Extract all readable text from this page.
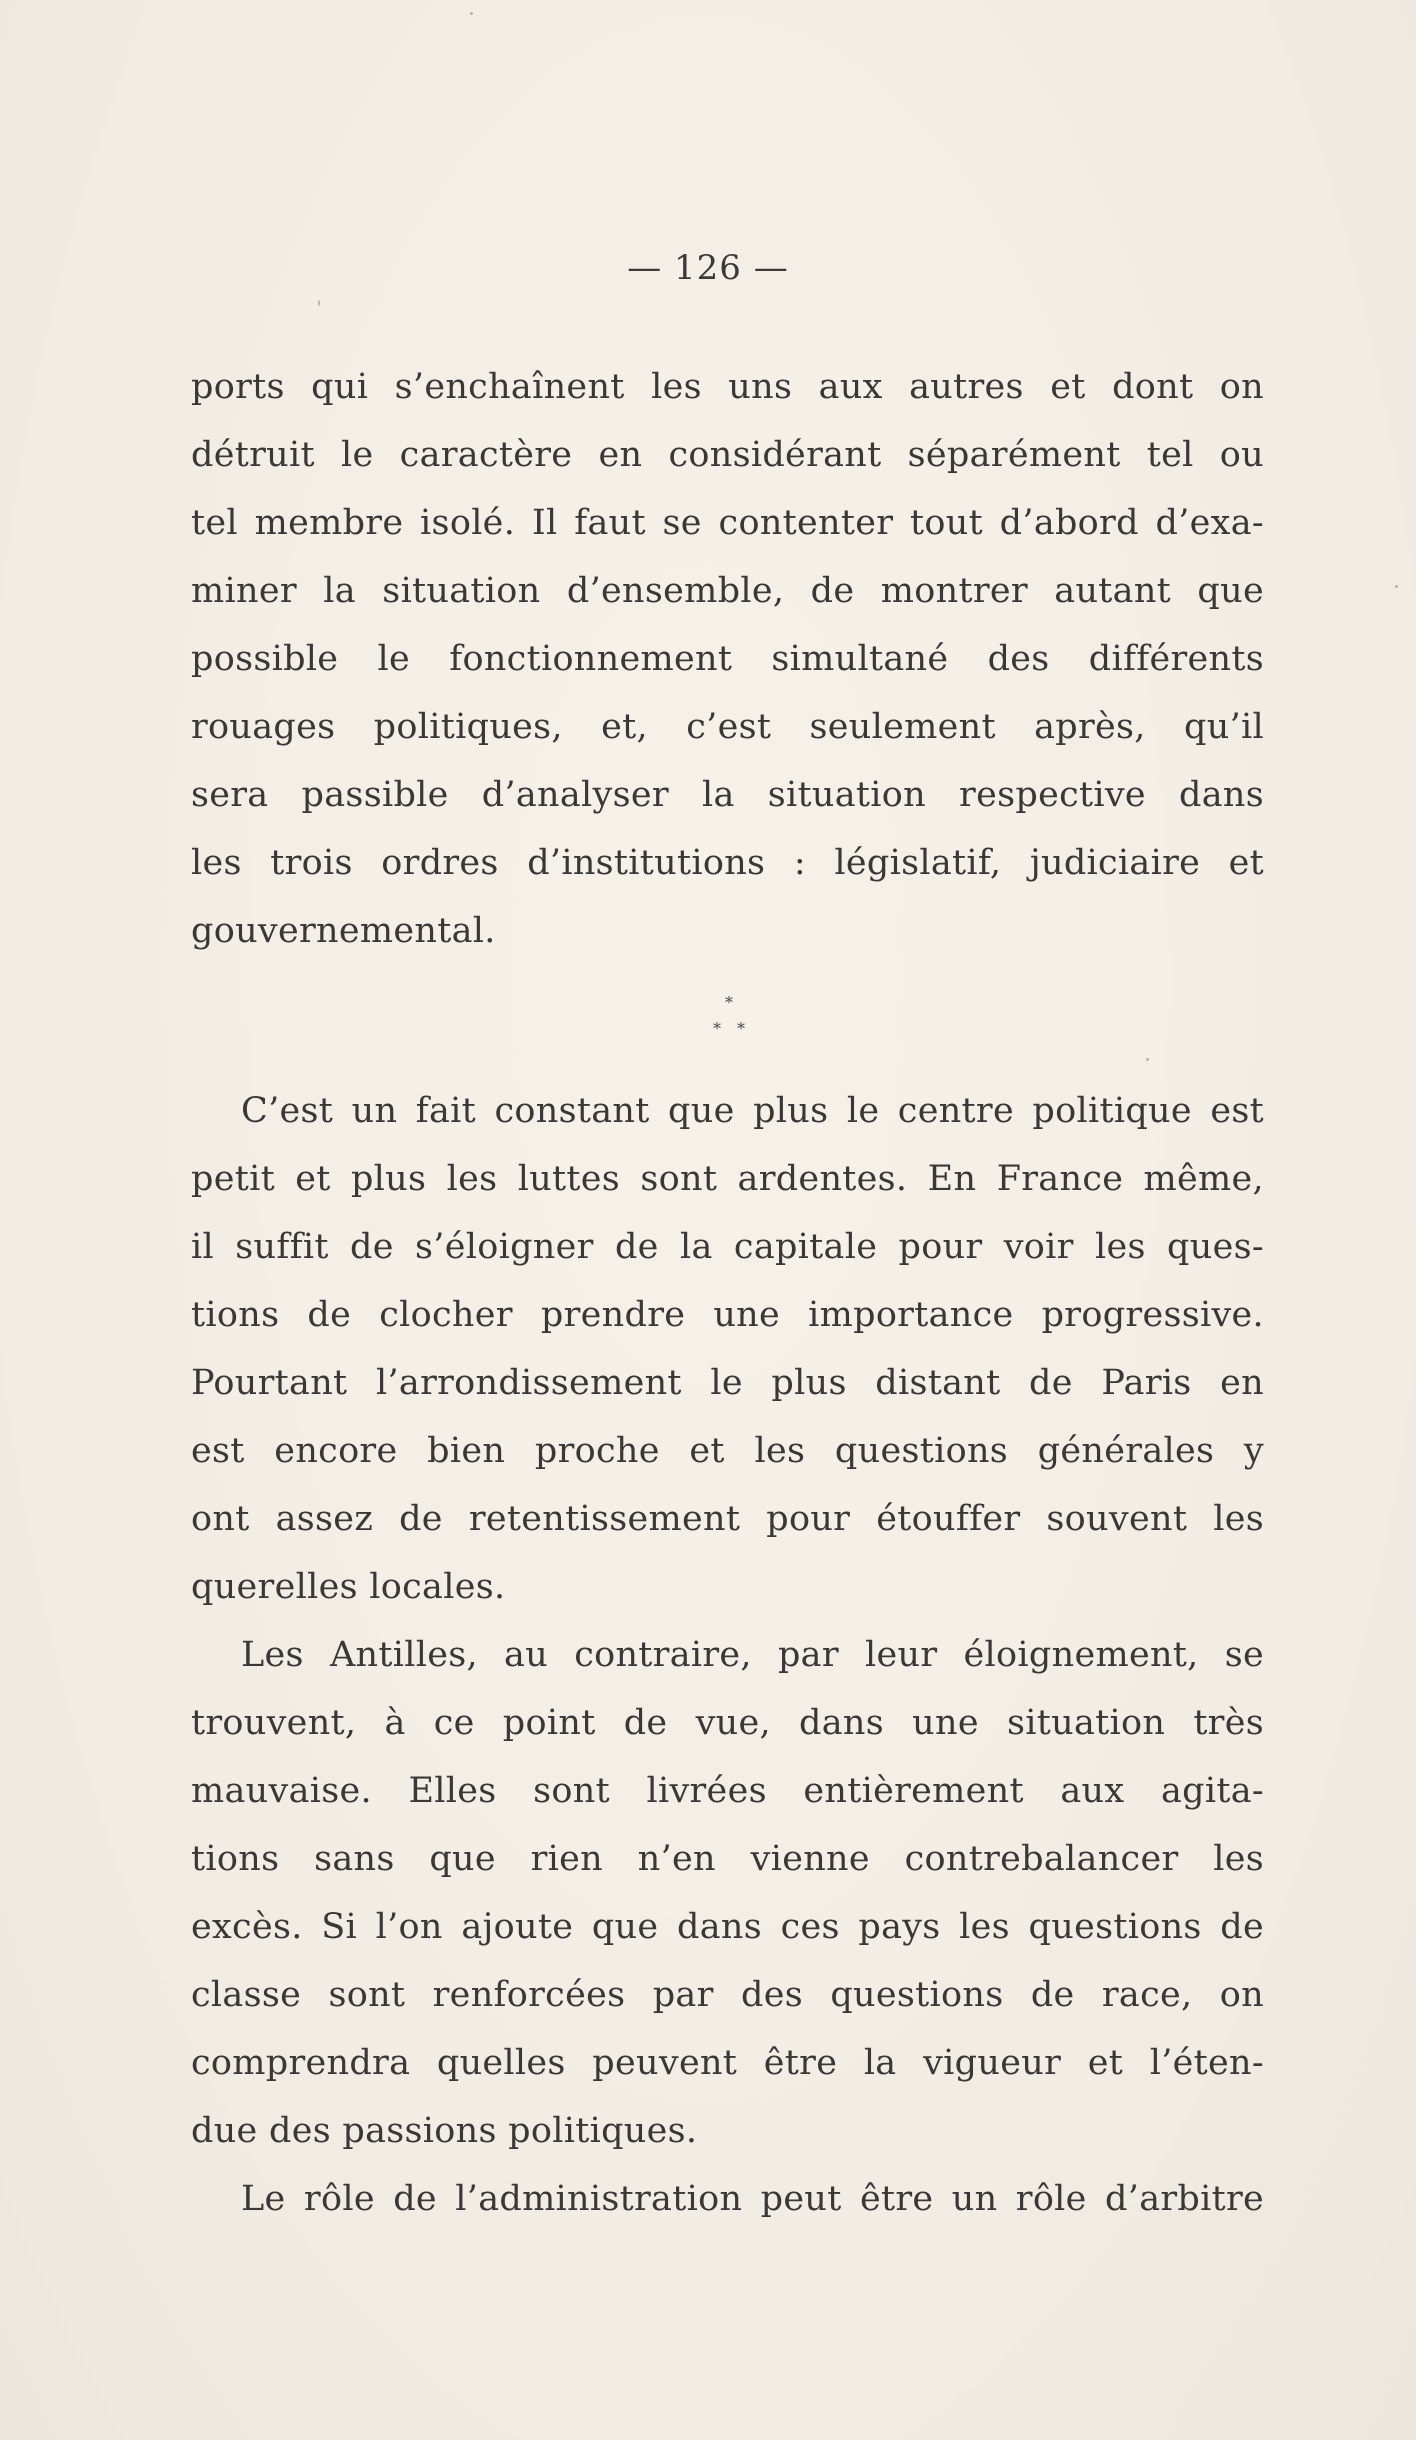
— 126 —
ports qui s’enchaînent les uns aux autres et dont on
détruit le caractère en considérant séparément tel ou
tel membre isolé. Il faut se contenter tout d’abord d’exa-
miner la situation d’ensemble, de montrer autant que
possible le fonctionnement simultané des différents
rouages politiques, et, c’est seulement après, qu’il
sera passible d’analyser la situation respective dans
les trois ordres d’institutions : législatif, judiciaire et
gouvernemental.
*
* *
C’est un fait constant que plus le centre politique est
petit et plus les luttes sont ardentes. En France même,
il suffit de s’éloigner de la capitale pour voir les ques-
tions de clocher prendre une importance progressive.
Pourtant l’arrondissement le plus distant de Paris en
est encore bien proche et les questions générales y
ont assez de retentissement pour étouffer souvent les
querelles locales.
Les Antilles, au contraire, par leur éloignement, se
trouvent, à ce point de vue, dans une situation très
mauvaise. Elles sont livrées entièrement aux agita-
tions sans que rien n’en vienne contrebalancer les
excès. Si l’on ajoute que dans ces pays les questions de
classe sont renforcées par des questions de race, on
comprendra quelles peuvent être la vigueur et l’éten-
due des passions politiques.
Le rôle de l’administration peut être un rôle d’arbitre
